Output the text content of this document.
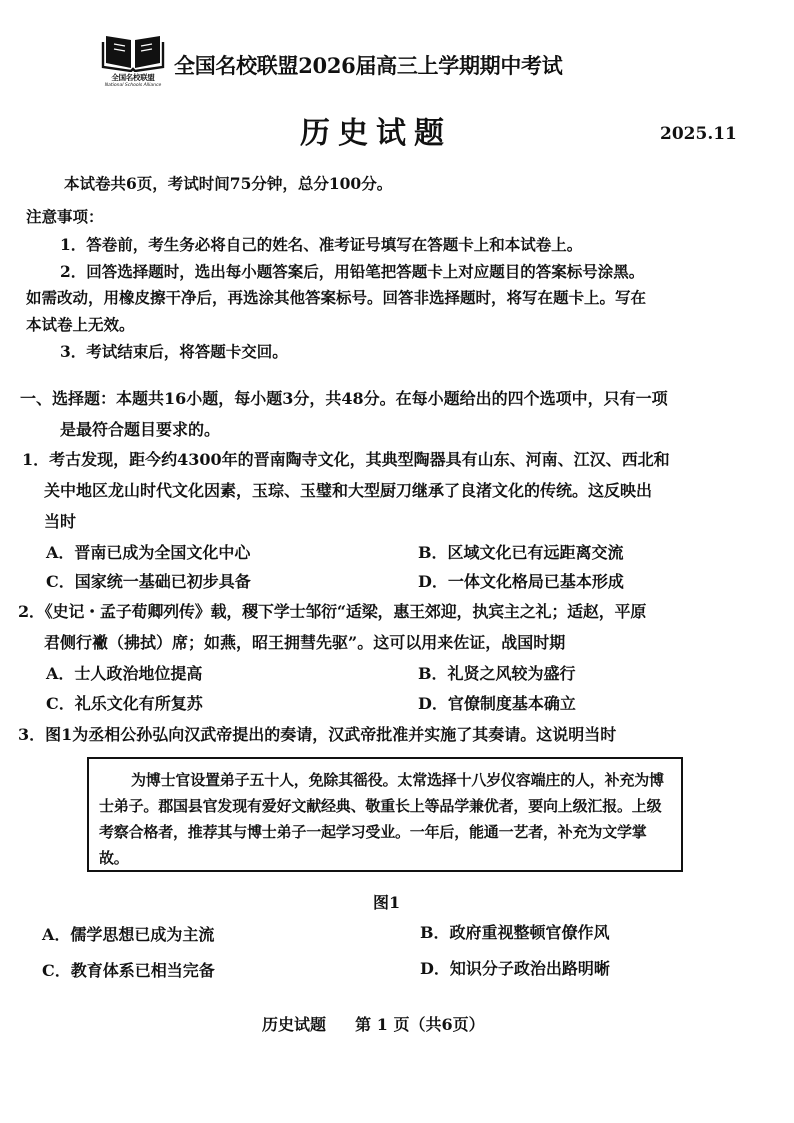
全国名校联盟
National Schools Alliance
全国名校联盟2026届高三上学期期中考试
历史试题	2025.11
本试卷共6页，考试时间75分钟，总分100分。
注意事项：
1．答卷前，考生务必将自己的姓名、准考证号填写在答题卡上和本试卷上。
2．回答选择题时，选出每小题答案后，用铅笔把答题卡上对应题目的答案标号涂黑。
如需改动，用橡皮擦干净后，再选涂其他答案标号。回答非选择题时，将写在题卡上。写在
本试卷上无效。
3．考试结束后，将答题卡交回。
一、选择题：本题共16小题，每小题3分，共48分。在每小题给出的四个选项中，只有一项
是最符合题目要求的。
1．考古发现，距今约4300年的晋南陶寺文化，其典型陶器具有山东、河南、江汉、西北和
关中地区龙山时代文化因素，玉琮、玉璧和大型厨刀继承了良渚文化的传统。这反映出
当时
A．晋南已成为全国文化中心	B．区域文化已有远距离交流
C．国家统一基础已初步具备	D．一体文化格局已基本形成
2．《史记・孟子荀卿列传》载，稷下学士邹衍“适梁，惠王郊迎，执宾主之礼；适赵，平原
君侧行襒（拂拭）席；如燕，昭王拥彗先驱”。这可以用来佐证，战国时期
A．士人政治地位提高	B．礼贤之风较为盛行
C．礼乐文化有所复苏	D．官僚制度基本确立
3．图1为丞相公孙弘向汉武帝提出的奏请，汉武帝批准并实施了其奏请。这说明当时
为博士官设置弟子五十人，免除其徭役。太常选择十八岁仪容端庄的人，补充为博士弟子。郡国县官发现有爱好文献经典、敬重长上等品学兼优者，要向上级汇报。上级考察合格者，推荐其与博士弟子一起学习受业。一年后，能通一艺者，补充为文学掌故。
图1
A．儒学思想已成为主流	B．政府重视整顿官僚作风
C．教育体系已相当完备	D．知识分子政治出路明晰
历史试题 第 1 页（共6页）
